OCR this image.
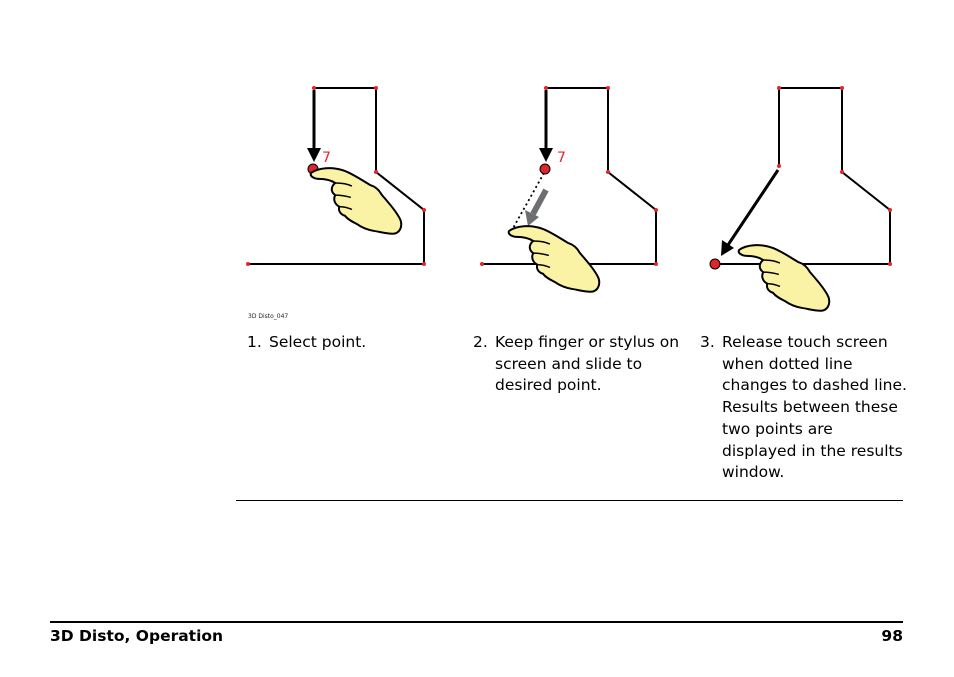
7	7
3D Disto_047
1. Select point.	2. Keep finger or stylus on screen and slide to desired point.
3. Release touch screen when dotted line changes to dashed line. Results between these two points are displayed in the results window.
3D Disto, Operation	98
